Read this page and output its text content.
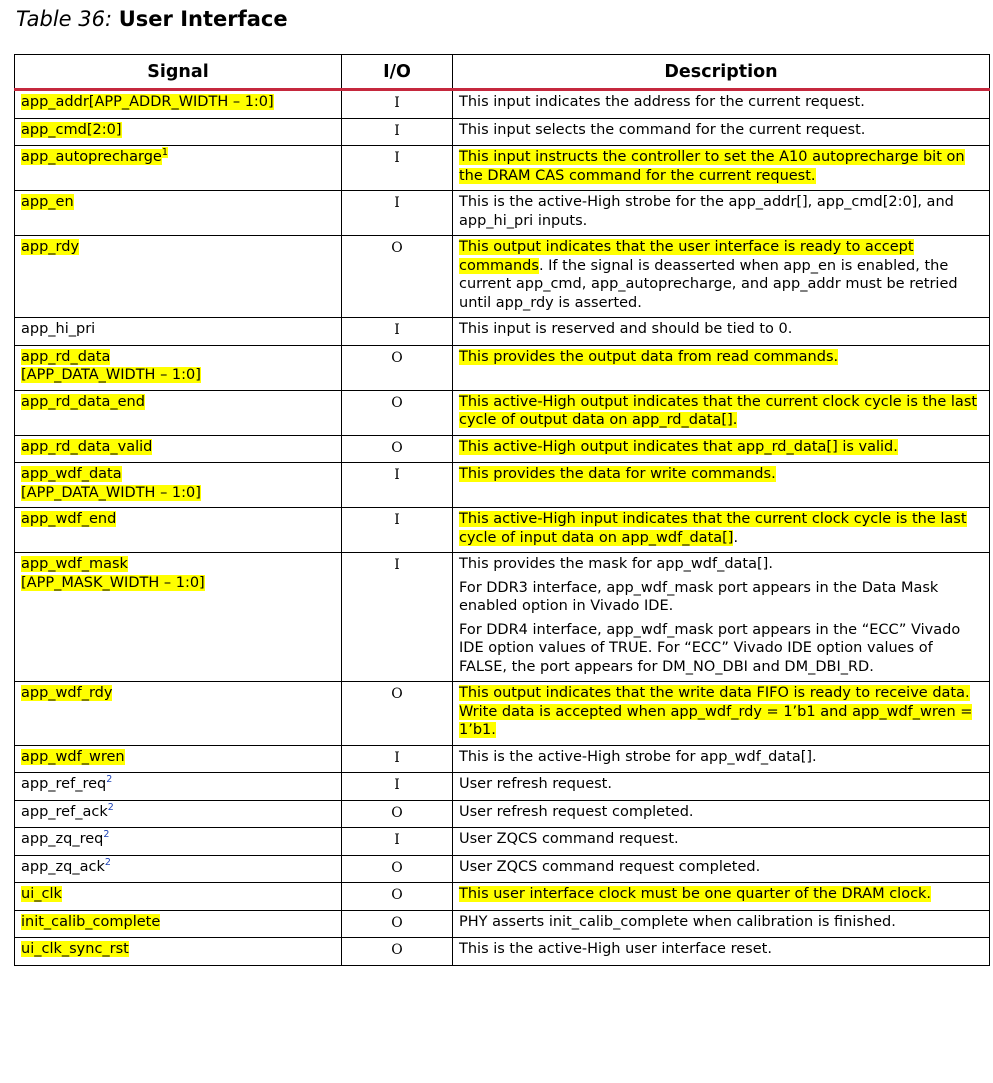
Table 36: User Interface
Signal	I/O	Description

app_addr[APP_ADDR_WIDTH – 1:0]	I	This input indicates the address for the current request.

app_cmd[2:0]	I	This input selects the command for the current request.

app_autoprecharge$^1$	I	This input instructs the controller to set the A10 autoprecharge bit on the DRAM CAS command for the current request.

app_en	I	This is the active-High strobe for the app_addr[], app_cmd[2:0], and app_hi_pri inputs.

app_rdy	O	This output indicates that the user interface is ready to accept commands. If the signal is deasserted when app_en is enabled, the current app_cmd, app_autoprecharge, and app_addr must be retried until app_rdy is asserted.

app_hi_pri	I	This input is reserved and should be tied to 0.

app_rd_data
[APP_DATA_WIDTH – 1:0]	O	This provides the output data from read commands.

app_rd_data_end	O	This active-High output indicates that the current clock cycle is the last cycle of output data on app_rd_data[].

app_rd_data_valid	O	This active-High output indicates that app_rd_data[] is valid.

app_wdf_data
[APP_DATA_WIDTH – 1:0]	I	This provides the data for write commands.

app_wdf_end	I	This active-High input indicates that the current clock cycle is the last cycle of input data on app_wdf_data[].

app_wdf_mask
[APP_MASK_WIDTH – 1:0]	I	This provides the mask for app_wdf_data[].
For DDR3 interface, app_wdf_mask port appears in the Data Mask enabled option in Vivado IDE.
For DDR4 interface, app_wdf_mask port appears in the “ECC” Vivado IDE option values of TRUE. For “ECC” Vivado IDE option values of FALSE, the port appears for DM_NO_DBI and DM_DBI_RD.

app_wdf_rdy	O	This output indicates that the write data FIFO is ready to receive data. Write data is accepted when app_wdf_rdy = 1’b1 and app_wdf_wren = 1’b1.

app_wdf_wren	I	This is the active-High strobe for app_wdf_data[].

app_ref_req$^2$	I	User refresh request.

app_ref_ack$^2$	O	User refresh request completed.

app_zq_req$^2$	I	User ZQCS command request.

app_zq_ack$^2$	O	User ZQCS command request completed.

ui_clk	O	This user interface clock must be one quarter of the DRAM clock.

init_calib_complete	O	PHY asserts init_calib_complete when calibration is finished.

ui_clk_sync_rst	O	This is the active-High user interface reset.
